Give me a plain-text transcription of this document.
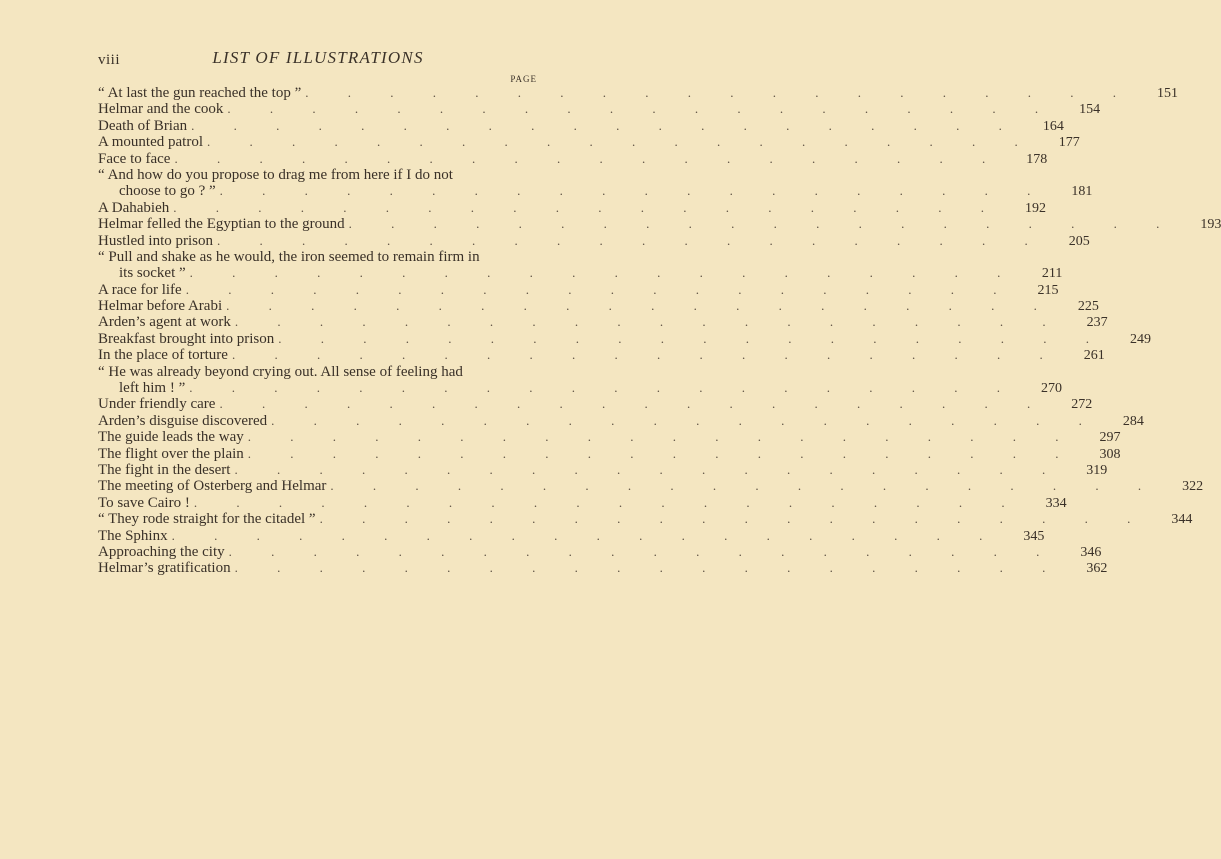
viii	LIST OF ILLUSTRATIONS
PAGE
“ At last the gun reached the top ” . . . . . . . . . . . . . . . . . . . .	151
Helmar and the cook . . . . . . . . . . . . . . . . . . . .	154
Death of Brian . . . . . . . . . . . . . . . . . . . .	164
A mounted patrol . . . . . . . . . . . . . . . . . . . .	177
Face to face . . . . . . . . . . . . . . . . . . . .	178
“ And how do you propose to drag me from here if I do not
choose to go ? ” . . . . . . . . . . . . . . . . . . . .	181
A Dahabieh . . . . . . . . . . . . . . . . . . . .	192
Helmar felled the Egyptian to the ground . . . . . . . . . . . . . . . . . . . .	193
Hustled into prison . . . . . . . . . . . . . . . . . . . .	205
“ Pull and shake as he would, the iron seemed to remain firm in
its socket ” . . . . . . . . . . . . . . . . . . . .	211
A race for life . . . . . . . . . . . . . . . . . . . .	215
Helmar before Arabi . . . . . . . . . . . . . . . . . . . .	225
Arden’s agent at work . . . . . . . . . . . . . . . . . . . .	237
Breakfast brought into prison . . . . . . . . . . . . . . . . . . . .	249
In the place of torture . . . . . . . . . . . . . . . . . . . .	261
“ He was already beyond crying out. All sense of feeling had
left him ! ” . . . . . . . . . . . . . . . . . . . .	270
Under friendly care . . . . . . . . . . . . . . . . . . . .	272
Arden’s disguise discovered . . . . . . . . . . . . . . . . . . . .	284
The guide leads the way . . . . . . . . . . . . . . . . . . . .	297
The flight over the plain . . . . . . . . . . . . . . . . . . . .	308
The fight in the desert . . . . . . . . . . . . . . . . . . . .	319
The meeting of Osterberg and Helmar . . . . . . . . . . . . . . . . . . . .	322
To save Cairo ! . . . . . . . . . . . . . . . . . . . .	334
“ They rode straight for the citadel ” . . . . . . . . . . . . . . . . . . . .	344
The Sphinx . . . . . . . . . . . . . . . . . . . .	345
Approaching the city . . . . . . . . . . . . . . . . . . . .	346
Helmar’s gratification . . . . . . . . . . . . . . . . . . . .	362
